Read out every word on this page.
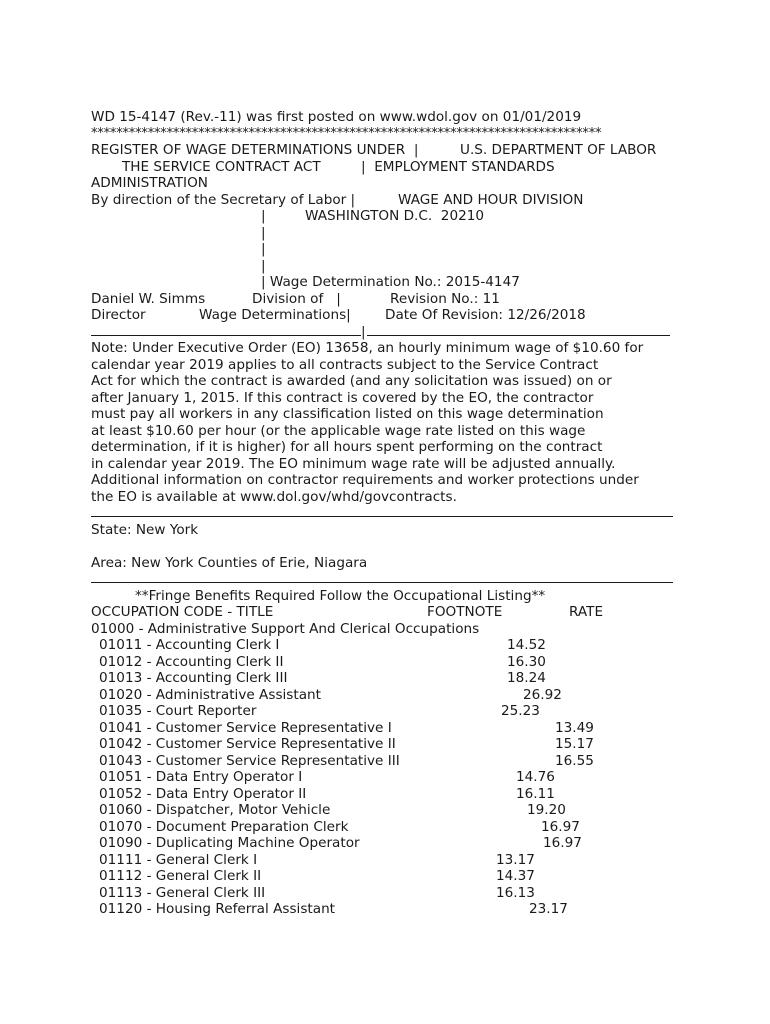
WD 15-4147 (Rev.-11) was first posted on www.wdol.gov on 01/01/2019
*********************************************************************************

REGISTER OF WAGE DETERMINATIONS UNDER  |

	U.S. DEPARTMENT OF LABOR

THE SERVICE CONTRACT ACT

	|  EMPLOYMENT STANDARDS

ADMINISTRATION

By direction of the Secretary of Labor |

	WAGE AND HOUR DIVISION

|

	WASHINGTON D.C.  20210

|
|
|
| Wage Determination No.: 2015-4147

Daniel W. Simms

	Division of   |

	Revision No.: 11

Director

	Wage Determinations|

	Date Of Revision: 12/26/2018

|

Note: Under Executive Order (EO) 13658, an hourly minimum wage of $10.60 for
calendar year 2019 applies to all contracts subject to the Service Contract
Act for which the contract is awarded (and any solicitation was issued) on or
after January 1, 2015. If this contract is covered by the EO, the contractor
must pay all workers in any classification listed on this wage determination
at least $10.60 per hour (or the applicable wage rate listed on this wage
determination, if it is higher) for all hours spent performing on the contract
in calendar year 2019. The EO minimum wage rate will be adjusted annually.
Additional information on contractor requirements and worker protections under
the EO is available at www.dol.gov/whd/govcontracts.
State: New York
Area: New York Counties of Erie, Niagara
**Fringe Benefits Required Follow the Occupational Listing**

OCCUPATION CODE - TITLE

	FOOTNOTE

	RATE

01000 - Administrative Support And Clerical Occupations
01011 - Accounting Clerk I	14.52
01012 - Accounting Clerk II	16.30
01013 - Accounting Clerk III	18.24
01020 - Administrative Assistant	26.92
01035 - Court Reporter	25.23
01041 - Customer Service Representative I	13.49
01042 - Customer Service Representative II	15.17
01043 - Customer Service Representative III	16.55
01051 - Data Entry Operator I	14.76
01052 - Data Entry Operator II	16.11
01060 - Dispatcher, Motor Vehicle	19.20
01070 - Document Preparation Clerk	16.97
01090 - Duplicating Machine Operator	16.97
01111 - General Clerk I	13.17
01112 - General Clerk II	14.37
01113 - General Clerk III	16.13
01120 - Housing Referral Assistant	23.17
